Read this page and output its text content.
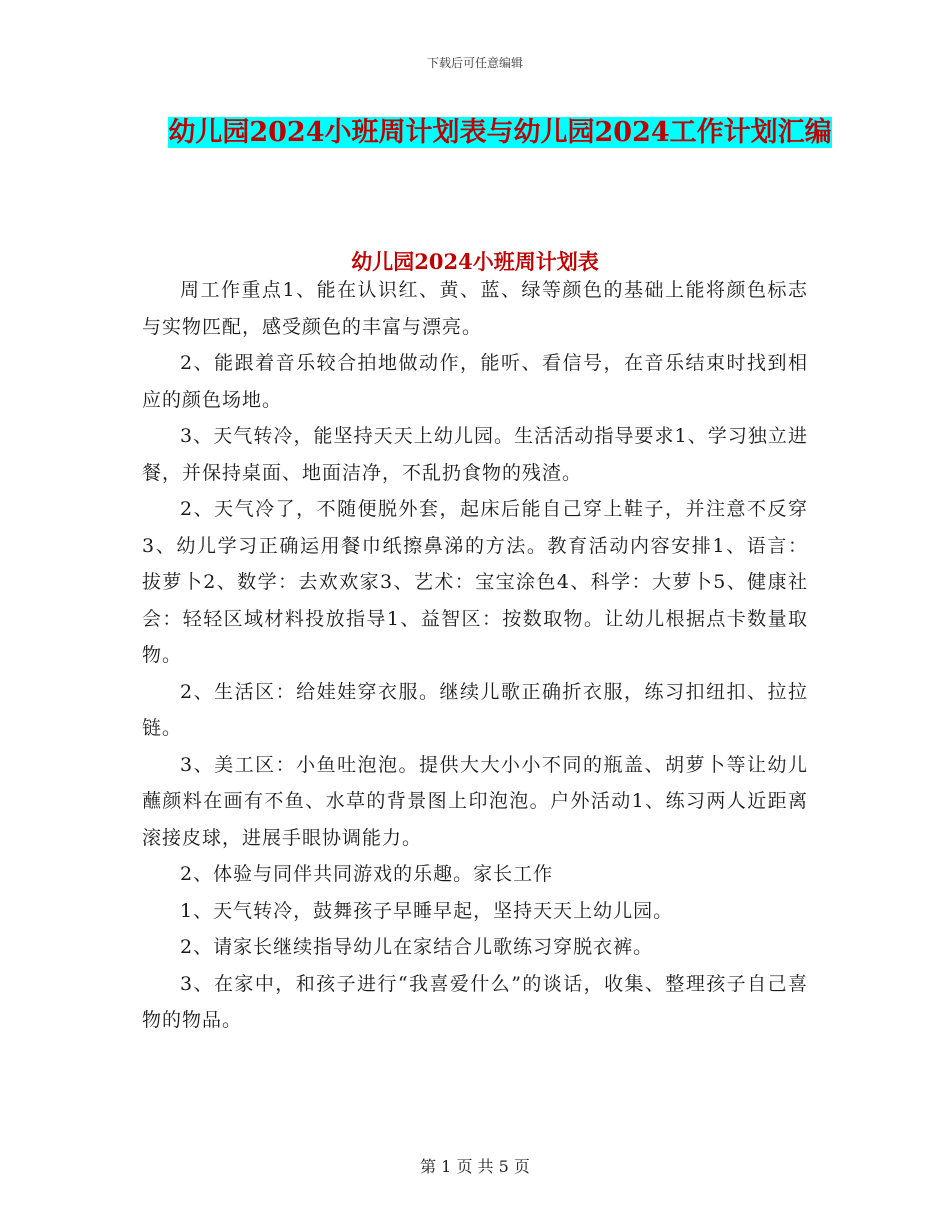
下载后可任意编辑
幼儿园2024小班周计划表与幼儿园2024工作计划汇编
幼儿园2024小班周计划表

周工作重点1、能在认识红、黄、蓝、绿等颜色的基础上能将颜色标志与实物匹配，感受颜色的丰富与漂亮。

2、能跟着音乐较合拍地做动作，能听、看信号，在音乐结束时找到相应的颜色场地。

3、天气转冷，能坚持天天上幼儿园。生活活动指导要求1、学习独立进餐，并保持桌面、地面洁净，不乱扔食物的残渣。

2、天气冷了，不随便脱外套，起床后能自己穿上鞋子，并注意不反穿3、幼儿学习正确运用餐巾纸擦鼻涕的方法。教育活动内容安排1、语言：拔萝卜2、数学：去欢欢家3、艺术：宝宝涂色4、科学：大萝卜5、健康社会：轻轻区域材料投放指导1、益智区：按数取物。让幼儿根据点卡数量取物。

2、生活区：给娃娃穿衣服。继续儿歌正确折衣服，练习扣纽扣、拉拉链。

3、美工区：小鱼吐泡泡。提供大大小小不同的瓶盖、胡萝卜等让幼儿蘸颜料在画有不鱼、水草的背景图上印泡泡。户外活动1、练习两人近距离滚接皮球，进展手眼协调能力。

2、体验与同伴共同游戏的乐趣。家长工作

1、天气转冷，鼓舞孩子早睡早起，坚持天天上幼儿园。

2、请家长继续指导幼儿在家结合儿歌练习穿脱衣裤。

3、在家中，和孩子进行“我喜爱什么”的谈话，收集、整理孩子自己喜物的物品。

第 1 页 共 5 页
